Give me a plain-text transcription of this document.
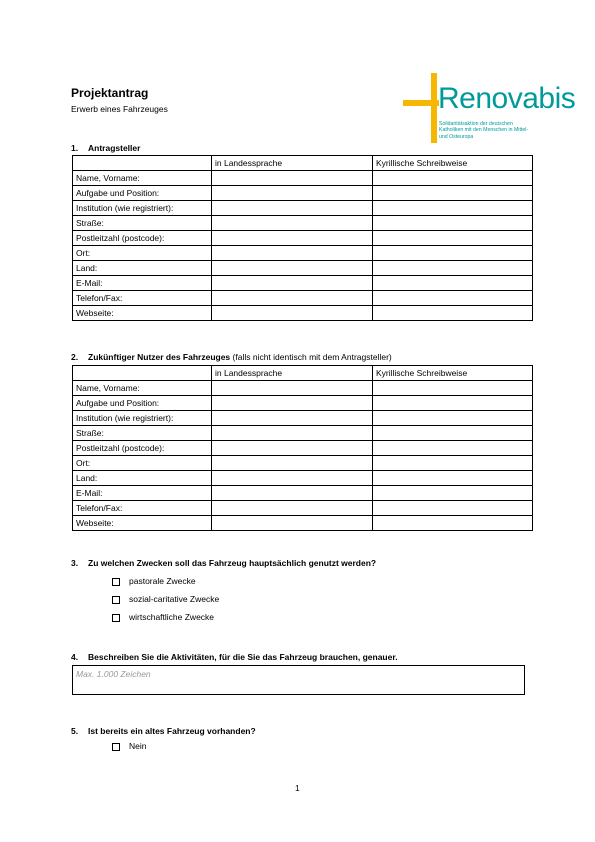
Projektantrag
Erwerb eines Fahrzeuges	Renovabis
Solidaritätsaktion der deutschen Katholiken mit den Menschen in Mittel- und Osteuropa
1. Antragsteller
	in Landessprache	Kyrillische Schreibweise
Name, Vorname:		
Aufgabe und Position:		
Institution (wie registriert):		
Straße:		
Postleitzahl (postcode):		
Ort:		
Land:		
E-Mail:		
Telefon/Fax:		
Webseite:		
2. Zukünftiger Nutzer des Fahrzeuges (falls nicht identisch mit dem Antragsteller)
	in Landessprache	Kyrillische Schreibweise
Name, Vorname:		
Aufgabe und Position:		
Institution (wie registriert):		
Straße:		
Postleitzahl (postcode):		
Ort:		
Land:		
E-Mail:		
Telefon/Fax:		
Webseite:		
3. Zu welchen Zwecken soll das Fahrzeug hauptsächlich genutzt werden?
pastorale Zwecke
sozial-caritative Zwecke
wirtschaftliche Zwecke
4. Beschreiben Sie die Aktivitäten, für die Sie das Fahrzeug brauchen, genauer.
Max. 1.000 Zeichen
5. Ist bereits ein altes Fahrzeug vorhanden?
Nein
1
